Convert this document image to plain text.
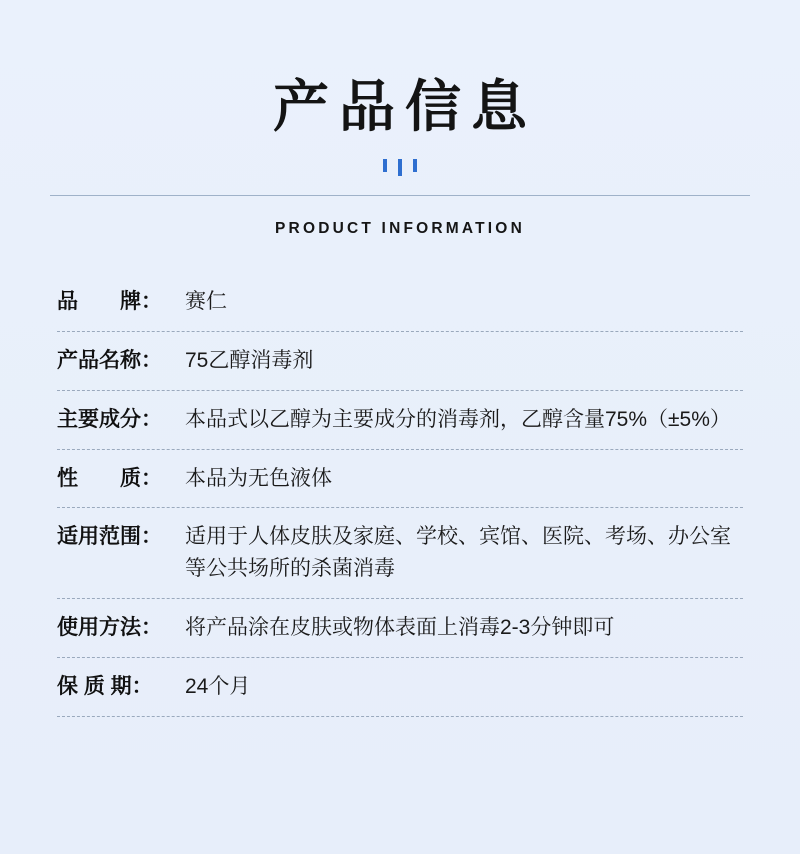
产品信息
PRODUCT INFORMATION
品　　牌：	赛仁
产品名称：	75乙醇消毒剂
主要成分：	本品式以乙醇为主要成分的消毒剂，乙醇含量75%（±5%）
性　　质：	本品为无色液体
适用范围：	适用于人体皮肤及家庭、学校、宾馆、医院、考场、办公室等公共场所的杀菌消毒
使用方法：	将产品涂在皮肤或物体表面上消毒2-3分钟即可
保 质 期：	24个月
